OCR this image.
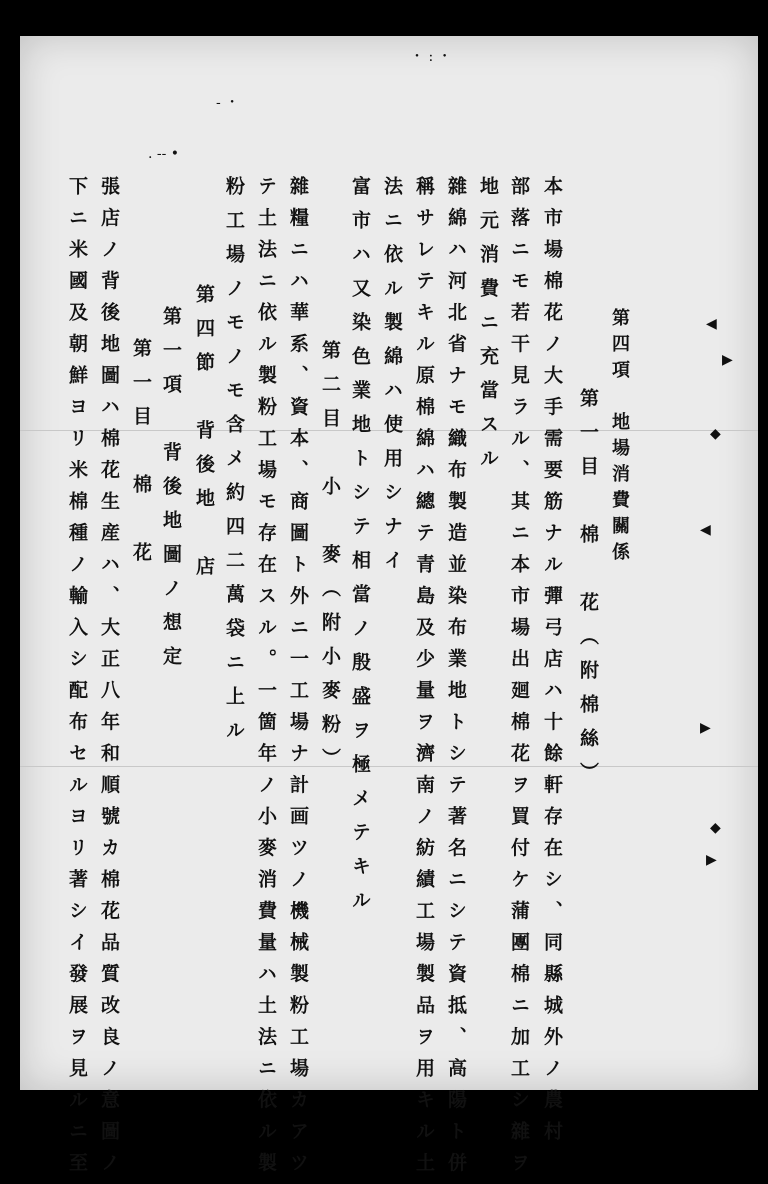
・ : ・
- ・
. -- •
第四項　地場消費關係
第一目　棉　花（附棉絲）
本市場棉花ノ大手需要筋ナル彈弓店ハ十餘軒存在シ、同縣城外ノ農村
部落ニモ若干見ラル、其ニ本市場出廻棉花ヲ買付ケ蒲團棉ニ加工シ雜ヲ
地元消費ニ充當スル
雜綿ハ河北省ナモ織布製造並染布業地トシテ著名ニシテ資抵、高陽ト併
稱サレテキル原棉綿ハ總テ青島及少量ヲ濟南ノ紡績工場製品ヲ用キル土
法ニ依ル製綿ハ使用シナイ
富市ハ又染色業地トシテ相當ノ殷盛ヲ極メテキル
第二目　小　麥（附小麥粉）
雜糧ニハ華系、資本、商圖ト外ニ一工場ナ計画ツノ機械製粉工場カアツ
テ土法ニ依ル製粉工場モ存在スル。一箇年ノ小麥消費量ハ土法ニ依ル製
粉工場ノモノモ含メ約四二萬袋ニ上ル
第四節　背後地　店
第一項　背後地圖ノ想定
第一目　棉　花
張店ノ背後地圖ハ棉花生産ハ、大正八年和順號カ棉花品質改良ノ意圖ノ
下ニ米國及朝鮮ヨリ米棉種ノ輸入シ配布セルヨリ著シイ發展ヲ見ルニ至	◀
▶
◆
◀
▶
◆
▶
